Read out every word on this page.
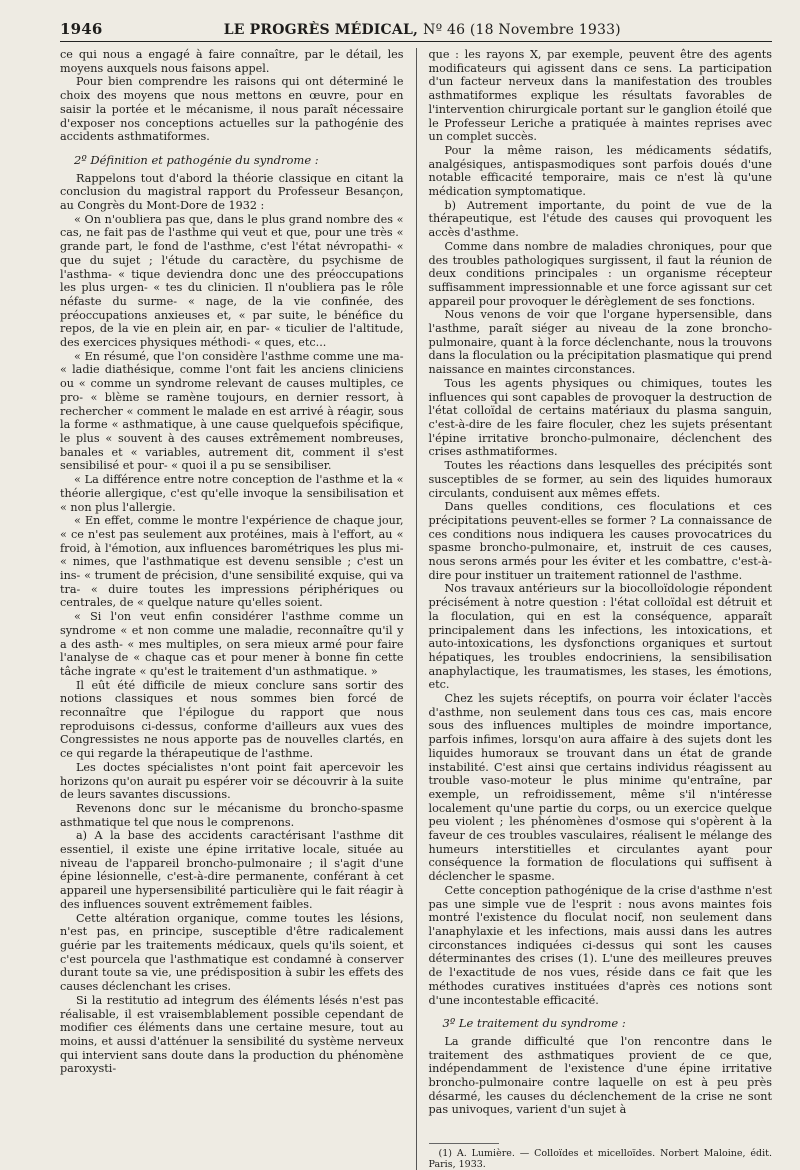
1946	LE PROGRÈS MÉDICAL, Nº 46 (18 Novembre 1933)

ce qui nous a engagé à faire connaître, par le détail, les moyens auxquels nous faisons appel.

Pour bien comprendre les raisons qui ont déterminé le choix des moyens que nous mettons en œuvre, pour en saisir la portée et le mécanisme, il nous paraît nécessaire d'exposer nos conceptions actuelles sur la pathogénie des accidents asthmatiformes.

2º Définition et pathogénie du syndrome :

Rappelons tout d'abord la théorie classique en citant la conclusion du magistral rapport du Professeur Besançon, au Congrès du Mont-Dore de 1932 :

« On n'oubliera pas que, dans le plus grand nombre des « cas, ne fait pas de l'asthme qui veut et que, pour une très « grande part, le fond de l'asthme, c'est l'état névropathi- « que du sujet ; l'étude du caractère, du psychisme de l'asthma- « tique deviendra donc une des préoccupations les plus urgen- « tes du clinicien. Il n'oubliera pas le rôle néfaste du surme- « nage, de la vie confinée, des préoccupations anxieuses et, « par suite, le bénéfice du repos, de la vie en plein air, en par- « ticulier de l'altitude, des exercices physiques méthodi- « ques, etc...

« En résumé, que l'on considère l'asthme comme une ma- « ladie diathésique, comme l'ont fait les anciens cliniciens ou « comme un syndrome relevant de causes multiples, ce pro- « blème se ramène toujours, en dernier ressort, à rechercher « comment le malade en est arrivé à réagir, sous la forme « asthmatique, à une cause quelquefois spécifique, le plus « souvent à des causes extrêmement nombreuses, banales et « variables, autrement dit, comment il s'est sensibilisé et pour- « quoi il a pu se sensibiliser.

« La différence entre notre conception de l'asthme et la « théorie allergique, c'est qu'elle invoque la sensibilisation et « non plus l'allergie.

« En effet, comme le montre l'expérience de chaque jour, « ce n'est pas seulement aux protéines, mais à l'effort, au « froid, à l'émotion, aux influences barométriques les plus mi- « nimes, que l'asthmatique est devenu sensible ; c'est un ins- « trument de précision, d'une sensibilité exquise, qui va tra- « duire toutes les impressions périphériques ou centrales, de « quelque nature qu'elles soient.

« Si l'on veut enfin considérer l'asthme comme un syndrome « et non comme une maladie, reconnaître qu'il y a des asth- « mes multiples, on sera mieux armé pour faire l'analyse de « chaque cas et pour mener à bonne fin cette tâche ingrate « qu'est le traitement d'un asthmatique. »

Il eût été difficile de mieux conclure sans sortir des notions classiques et nous sommes bien forcé de reconnaître que l'épilogue du rapport que nous reproduisons ci-dessus, conforme d'ailleurs aux vues des Congressistes ne nous apporte pas de nouvelles clartés, en ce qui regarde la thérapeutique de l'asthme.

Les doctes spécialistes n'ont point fait apercevoir les horizons qu'on aurait pu espérer voir se découvrir à la suite de leurs savantes discussions.

Revenons donc sur le mécanisme du broncho-spasme asthmatique tel que nous le comprenons.

a) A la base des accidents caractérisant l'asthme dit essentiel, il existe une épine irritative locale, située au niveau de l'appareil broncho-pulmonaire ; il s'agit d'une épine lésionnelle, c'est-à-dire permanente, conférant à cet appareil une hypersensibilité particulière qui le fait réagir à des influences souvent extrêmement faibles.

Cette altération organique, comme toutes les lésions, n'est pas, en principe, susceptible d'être radicalement guérie par les traitements médicaux, quels qu'ils soient, et c'est pourcela que l'asthmatique est condamné à conserver durant toute sa vie, une prédisposition à subir les effets des causes déclenchant les crises.

Si la restitutio ad integrum des éléments lésés n'est pas réalisable, il est vraisemblablement possible cependant de modifier ces éléments dans une certaine mesure, tout au moins, et aussi d'atténuer la sensibilité du système nerveux qui intervient sans doute dans la production du phénomène paroxysti-

que : les rayons X, par exemple, peuvent être des agents modificateurs qui agissent dans ce sens. La participation d'un facteur nerveux dans la manifestation des troubles asthmatiformes explique les résultats favorables de l'intervention chirurgicale portant sur le ganglion étoilé que le Professeur Leriche a pratiquée à maintes reprises avec un complet succès.

Pour la même raison, les médicaments sédatifs, analgésiques, antispasmodiques sont parfois doués d'une notable efficacité temporaire, mais ce n'est là qu'une médication symptomatique.

b) Autrement importante, du point de vue de la thérapeutique, est l'étude des causes qui provoquent les accès d'asthme.

Comme dans nombre de maladies chroniques, pour que des troubles pathologiques surgissent, il faut la réunion de deux conditions principales : un organisme récepteur suffisamment impressionnable et une force agissant sur cet appareil pour provoquer le dérèglement de ses fonctions.

Nous venons de voir que l'organe hypersensible, dans l'asthme, paraît siéger au niveau de la zone broncho-pulmonaire, quant à la force déclenchante, nous la trouvons dans la floculation ou la précipitation plasmatique qui prend naissance en maintes circonstances.

Tous les agents physiques ou chimiques, toutes les influences qui sont capables de provoquer la destruction de l'état colloïdal de certains matériaux du plasma sanguin, c'est-à-dire de les faire floculer, chez les sujets présentant l'épine irritative broncho-pulmonaire, déclenchent des crises asthmatiformes.

Toutes les réactions dans lesquelles des précipités sont susceptibles de se former, au sein des liquides humoraux circulants, conduisent aux mêmes effets.

Dans quelles conditions, ces floculations et ces précipitations peuvent-elles se former ? La connaissance de ces conditions nous indiquera les causes provocatrices du spasme broncho-pulmonaire, et, instruit de ces causes, nous serons armés pour les éviter et les combattre, c'est-à-dire pour instituer un traitement rationnel de l'asthme.

Nos travaux antérieurs sur la biocolloïdologie répondent précisément à notre question : l'état colloïdal est détruit et la floculation, qui en est la conséquence, apparaît principalement dans les infections, les intoxications, et auto-intoxications, les dysfonctions organiques et surtout hépatiques, les troubles endocriniens, la sensibilisation anaphylactique, les traumatismes, les stases, les émotions, etc.

Chez les sujets réceptifs, on pourra voir éclater l'accès d'asthme, non seulement dans tous ces cas, mais encore sous des influences multiples de moindre importance, parfois infimes, lorsqu'on aura affaire à des sujets dont les liquides humoraux se trouvant dans un état de grande instabilité. C'est ainsi que certains individus réagissent au trouble vaso-moteur le plus minime qu'entraîne, par exemple, un refroidissement, même s'il n'intéresse localement qu'une partie du corps, ou un exercice quelque peu violent ; les phénomènes d'osmose qui s'opèrent à la faveur de ces troubles vasculaires, réalisent le mélange des humeurs interstitielles et circulantes ayant pour conséquence la formation de floculations qui suffisent à déclencher le spasme.

Cette conception pathogénique de la crise d'asthme n'est pas une simple vue de l'esprit : nous avons maintes fois montré l'existence du floculat nocif, non seulement dans l'anaphylaxie et les infections, mais aussi dans les autres circonstances indiquées ci-dessus qui sont les causes déterminantes des crises (1). L'une des meilleures preuves de l'exactitude de nos vues, réside dans ce fait que les méthodes curatives instituées d'après ces notions sont d'une incontestable efficacité.

3º Le traitement du syndrome :

La grande difficulté que l'on rencontre dans le traitement des asthmatiques provient de ce que, indépendamment de l'existence d'une épine irritative broncho-pulmonaire contre laquelle on est à peu près désarmé, les causes du déclenchement de la crise ne sont pas univoques, varient d'un sujet à

(1) A. Lumière. — Colloïdes et micelloïdes. Norbert Maloine, édit. Paris, 1933.
